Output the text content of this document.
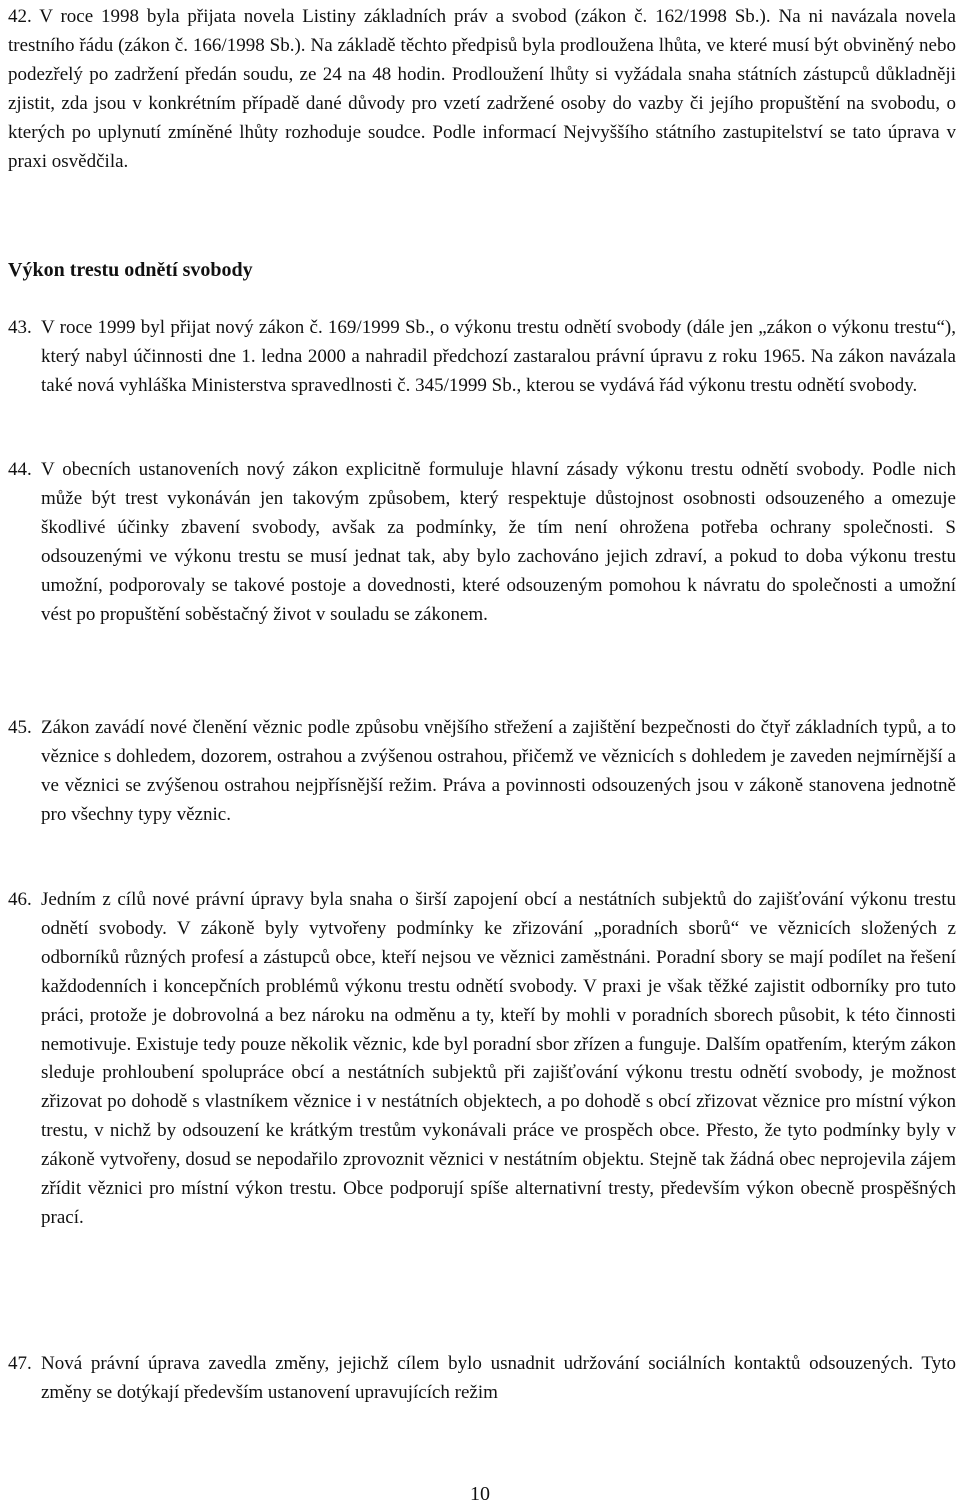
42. V roce 1998 byla přijata novela Listiny základních práv a svobod (zákon č. 162/1998 Sb.). Na ni navázala novela trestního řádu (zákon č. 166/1998 Sb.). Na základě těchto předpisů byla prodloužena lhůta, ve které musí být obviněný nebo podezřelý po zadržení předán soudu, ze 24 na 48 hodin. Prodloužení lhůty si vyžádala snaha státních zástupců důkladněji zjistit, zda jsou v konkrétním případě dané důvody pro vzetí zadržené osoby do vazby či jejího propuštění na svobodu, o kterých po uplynutí zmíněné lhůty rozhoduje soudce. Podle informací Nejvyššího státního zastupitelství se tato úprava v praxi osvědčila.
Výkon trestu odnětí svobody
43. V roce 1999 byl přijat nový zákon č. 169/1999 Sb., o výkonu trestu odnětí svobody (dále jen „zákon o výkonu trestu“), který nabyl účinnosti dne 1. ledna 2000 a nahradil předchozí zastaralou právní úpravu z roku 1965. Na zákon navázala také nová vyhláška Ministerstva spravedlnosti č. 345/1999 Sb., kterou se vydává řád výkonu trestu odnětí svobody.
44. V obecních ustanoveních nový zákon explicitně formuluje hlavní zásady výkonu trestu odnětí svobody. Podle nich může být trest vykonáván jen takovým způsobem, který respektuje důstojnost osobnosti odsouzeného a omezuje škodlivé účinky zbavení svobody, avšak za podmínky, že tím není ohrožena potřeba ochrany společnosti. S odsouzenými ve výkonu trestu se musí jednat tak, aby bylo zachováno jejich zdraví, a pokud to doba výkonu trestu umožní, podporovaly se takové postoje a dovednosti, které odsouzeným pomohou k návratu do společnosti a umožní vést po propuštění soběstačný život v souladu se zákonem.
45. Zákon zavádí nové členění věznic podle způsobu vnějšího střežení a zajištění bezpečnosti do čtyř základních typů, a to věznice s dohledem, dozorem, ostrahou a zvýšenou ostrahou, přičemž ve věznicích s dohledem je zaveden nejmírnější a ve věznici se zvýšenou ostrahou nejpřísnější režim. Práva a povinnosti odsouzených jsou v zákoně stanovena jednotně pro všechny typy věznic.
46. Jedním z cílů nové právní úpravy byla snaha o širší zapojení obcí a nestátních subjektů do zajišťování výkonu trestu odnětí svobody. V zákoně byly vytvořeny podmínky ke zřizování „poradních sborů“ ve věznicích složených z odborníků různých profesí a zástupců obce, kteří nejsou ve věznici zaměstnáni. Poradní sbory se mají podílet na řešení každodenních i koncepčních problémů výkonu trestu odnětí svobody. V praxi je však těžké zajistit odborníky pro tuto práci, protože je dobrovolná a bez nároku na odměnu a ty, kteří by mohli v poradních sborech působit, k této činnosti nemotivuje. Existuje tedy pouze několik věznic, kde byl poradní sbor zřízen a funguje. Dalším opatřením, kterým zákon sleduje prohloubení spolupráce obcí a nestátních subjektů při zajišťování výkonu trestu odnětí svobody, je možnost zřizovat po dohodě s vlastníkem věznice i v nestátních objektech, a po dohodě s obcí zřizovat věznice pro místní výkon trestu, v nichž by odsouzení ke krátkým trestům vykonávali práce ve prospěch obce. Přesto, že tyto podmínky byly v zákoně vytvořeny, dosud se nepodařilo zprovoznit věznici v nestátním objektu. Stejně tak žádná obec neprojevila zájem zřídit věznici pro místní výkon trestu. Obce podporují spíše alternativní tresty, především výkon obecně prospěšných prací.
47. Nová právní úprava zavedla změny, jejichž cílem bylo usnadnit udržování sociálních kontaktů odsouzených. Tyto změny se dotýkají především ustanovení upravujících režim
10
